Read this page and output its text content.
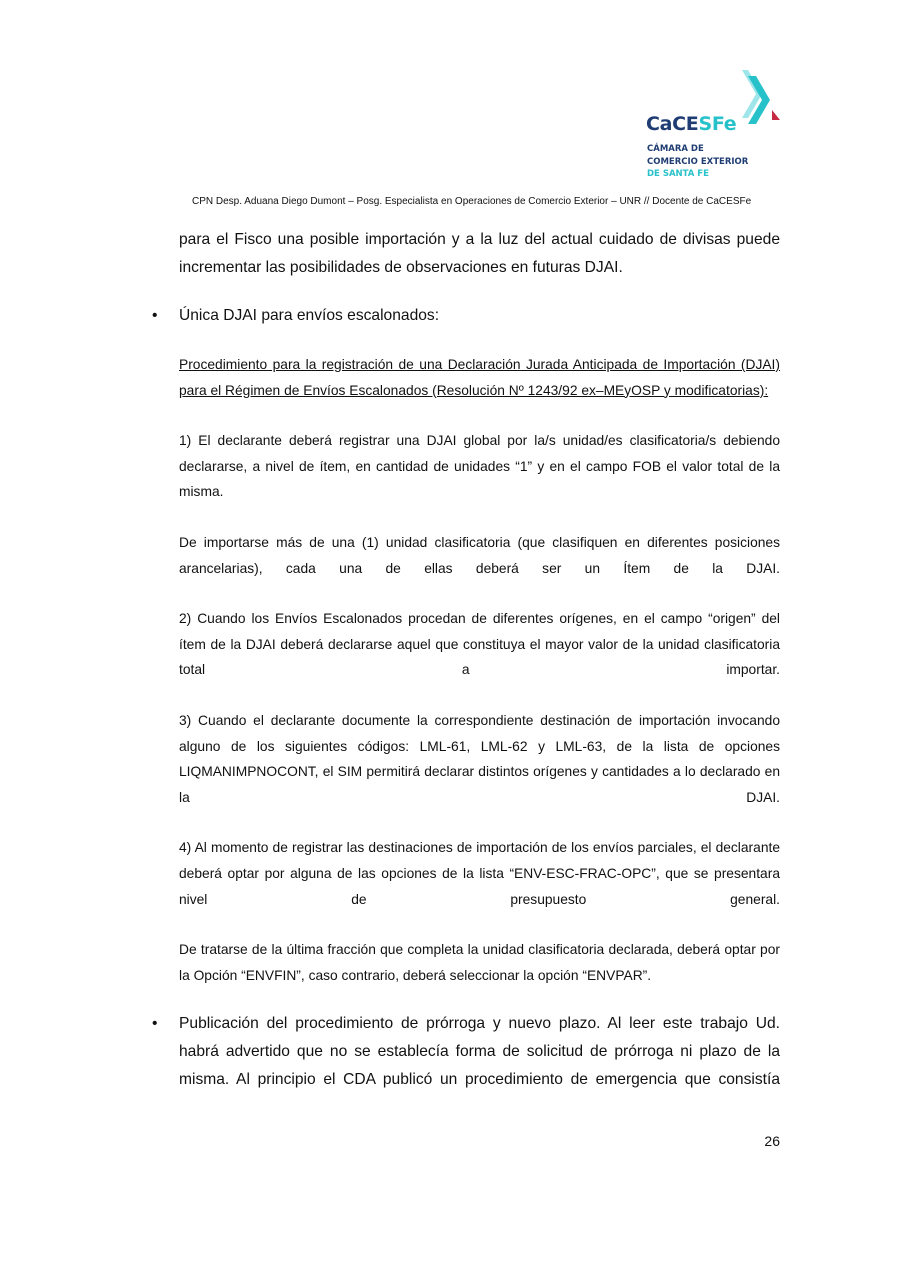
CaCESFe
CÁMARA DE
COMERCIO EXTERIOR
DE SANTA FE
CPN Desp. Aduana Diego Dumont – Posg. Especialista en Operaciones de Comercio Exterior – UNR // Docente de CaCESFe

para el Fisco una posible importación y a la luz del actual cuidado de divisas puede incrementar las posibilidades de observaciones en futuras DJAI.

• Única DJAI para envíos escalonados:

Procedimiento para la registración de una Declaración Jurada Anticipada de Importación (DJAI) para el Régimen de Envíos Escalonados (Resolución Nº 1243/92 ex–MEyOSP y modificatorias):

1) El declarante deberá registrar una DJAI global por la/s unidad/es clasificatoria/s debiendo declararse, a nivel de ítem, en cantidad de unidades “1” y en el campo FOB el valor total de la misma.

De importarse más de una (1) unidad clasificatoria (que clasifiquen en diferentes posiciones arancelarias), cada una de ellas deberá ser un Ítem de la DJAI.

2) Cuando los Envíos Escalonados procedan de diferentes orígenes, en el campo “origen” del ítem de la DJAI deberá declararse aquel que constituya el mayor valor de la unidad clasificatoria total a importar.

3) Cuando el declarante documente la correspondiente destinación de importación invocando alguno de los siguientes códigos: LML-61, LML-62 y LML-63, de la lista de opciones LIQMANIMPNOCONT, el SIM permitirá declarar distintos orígenes y cantidades a lo declarado en la DJAI.

4) Al momento de registrar las destinaciones de importación de los envíos parciales, el declarante deberá optar por alguna de las opciones de la lista “ENV-ESC-FRAC-OPC”, que se presentara nivel de presupuesto general.

De tratarse de la última fracción que completa la unidad clasificatoria declarada, deberá optar por la Opción “ENVFIN”, caso contrario, deberá seleccionar la opción “ENVPAR”.

• Publicación del procedimiento de prórroga y nuevo plazo. Al leer este trabajo Ud. habrá advertido que no se establecía forma de solicitud de prórroga ni plazo de la misma. Al principio el CDA publicó un procedimiento de emergencia que consistía
26
